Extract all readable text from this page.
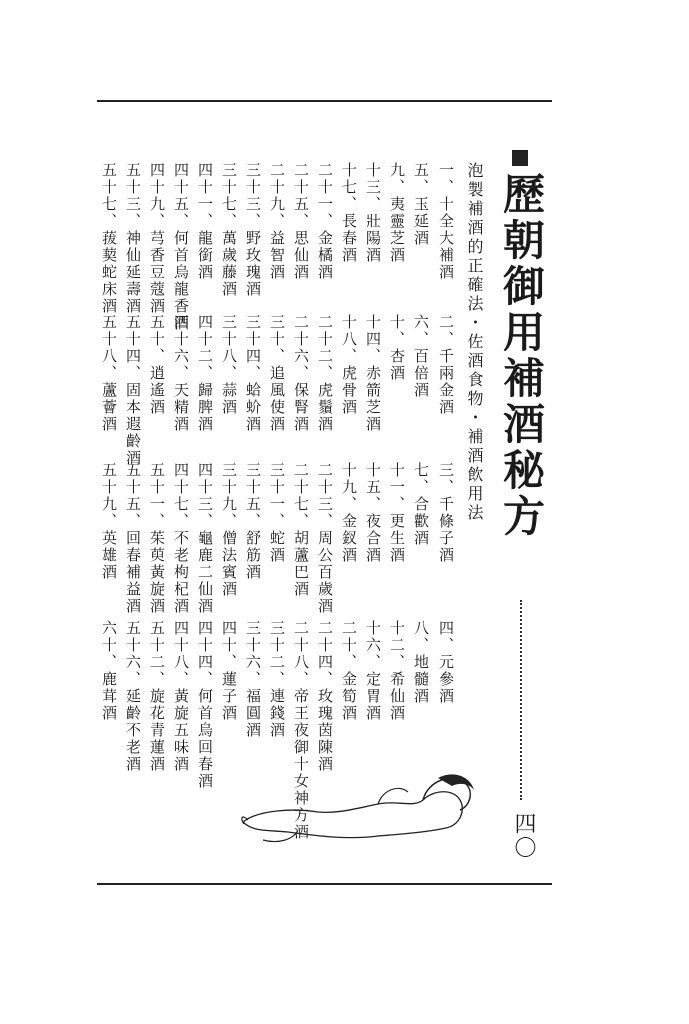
歷朝御用補酒秘方
四〇
泡製補酒的正確法・佐酒食物・補酒飲用法
一、十全大補酒
二、千兩金酒
三、千條子酒
四、元參酒
五、玉延酒
六、百倍酒
七、合歡酒
八、地髓酒
九、夷靈芝酒
十、杏酒
十一、更生酒
十二、希仙酒
十三、壯陽酒
十四、赤箭芝酒
十五、夜合酒
十六、定胃酒
十七、長春酒
十八、虎骨酒
十九、金釵酒
二十、金筍酒
二十一、金橘酒
二十二、虎鬚酒
二十三、周公百歲酒
二十四、玫瑰茵陳酒
二十五、思仙酒
二十六、保腎酒
二十七、胡蘆巴酒
二十八、帝王夜御十女神方酒
二十九、益智酒
三十、追風使酒
三十一、蛇酒
三十二、連錢酒
三十三、野玫瑰酒
三十四、蛤蚧酒
三十五、舒筋酒
三十六、福圓酒
三十七、萬歲藤酒
三十八、蒜酒
三十九、僧法賓酒
四十、蓮子酒
四十一、龍銜酒
四十二、歸脾酒
四十三、龜鹿二仙酒
四十四、何首烏回春酒
四十五、何首烏龍香酒
四十六、天精酒
四十七、不老枸杞酒
四十八、黃旋五味酒
四十九、芎香豆蔻酒
五十、逍遙酒
五十一、茱萸黃旋酒
五十二、旋花青蓮酒
五十三、神仙延壽酒
五十四、固本遐齡酒
五十五、回春補益酒
五十六、延齡不老酒
五十七、菝葜蛇床酒
五十八、蘆薈酒
五十九、英雄酒
六十、鹿茸酒
